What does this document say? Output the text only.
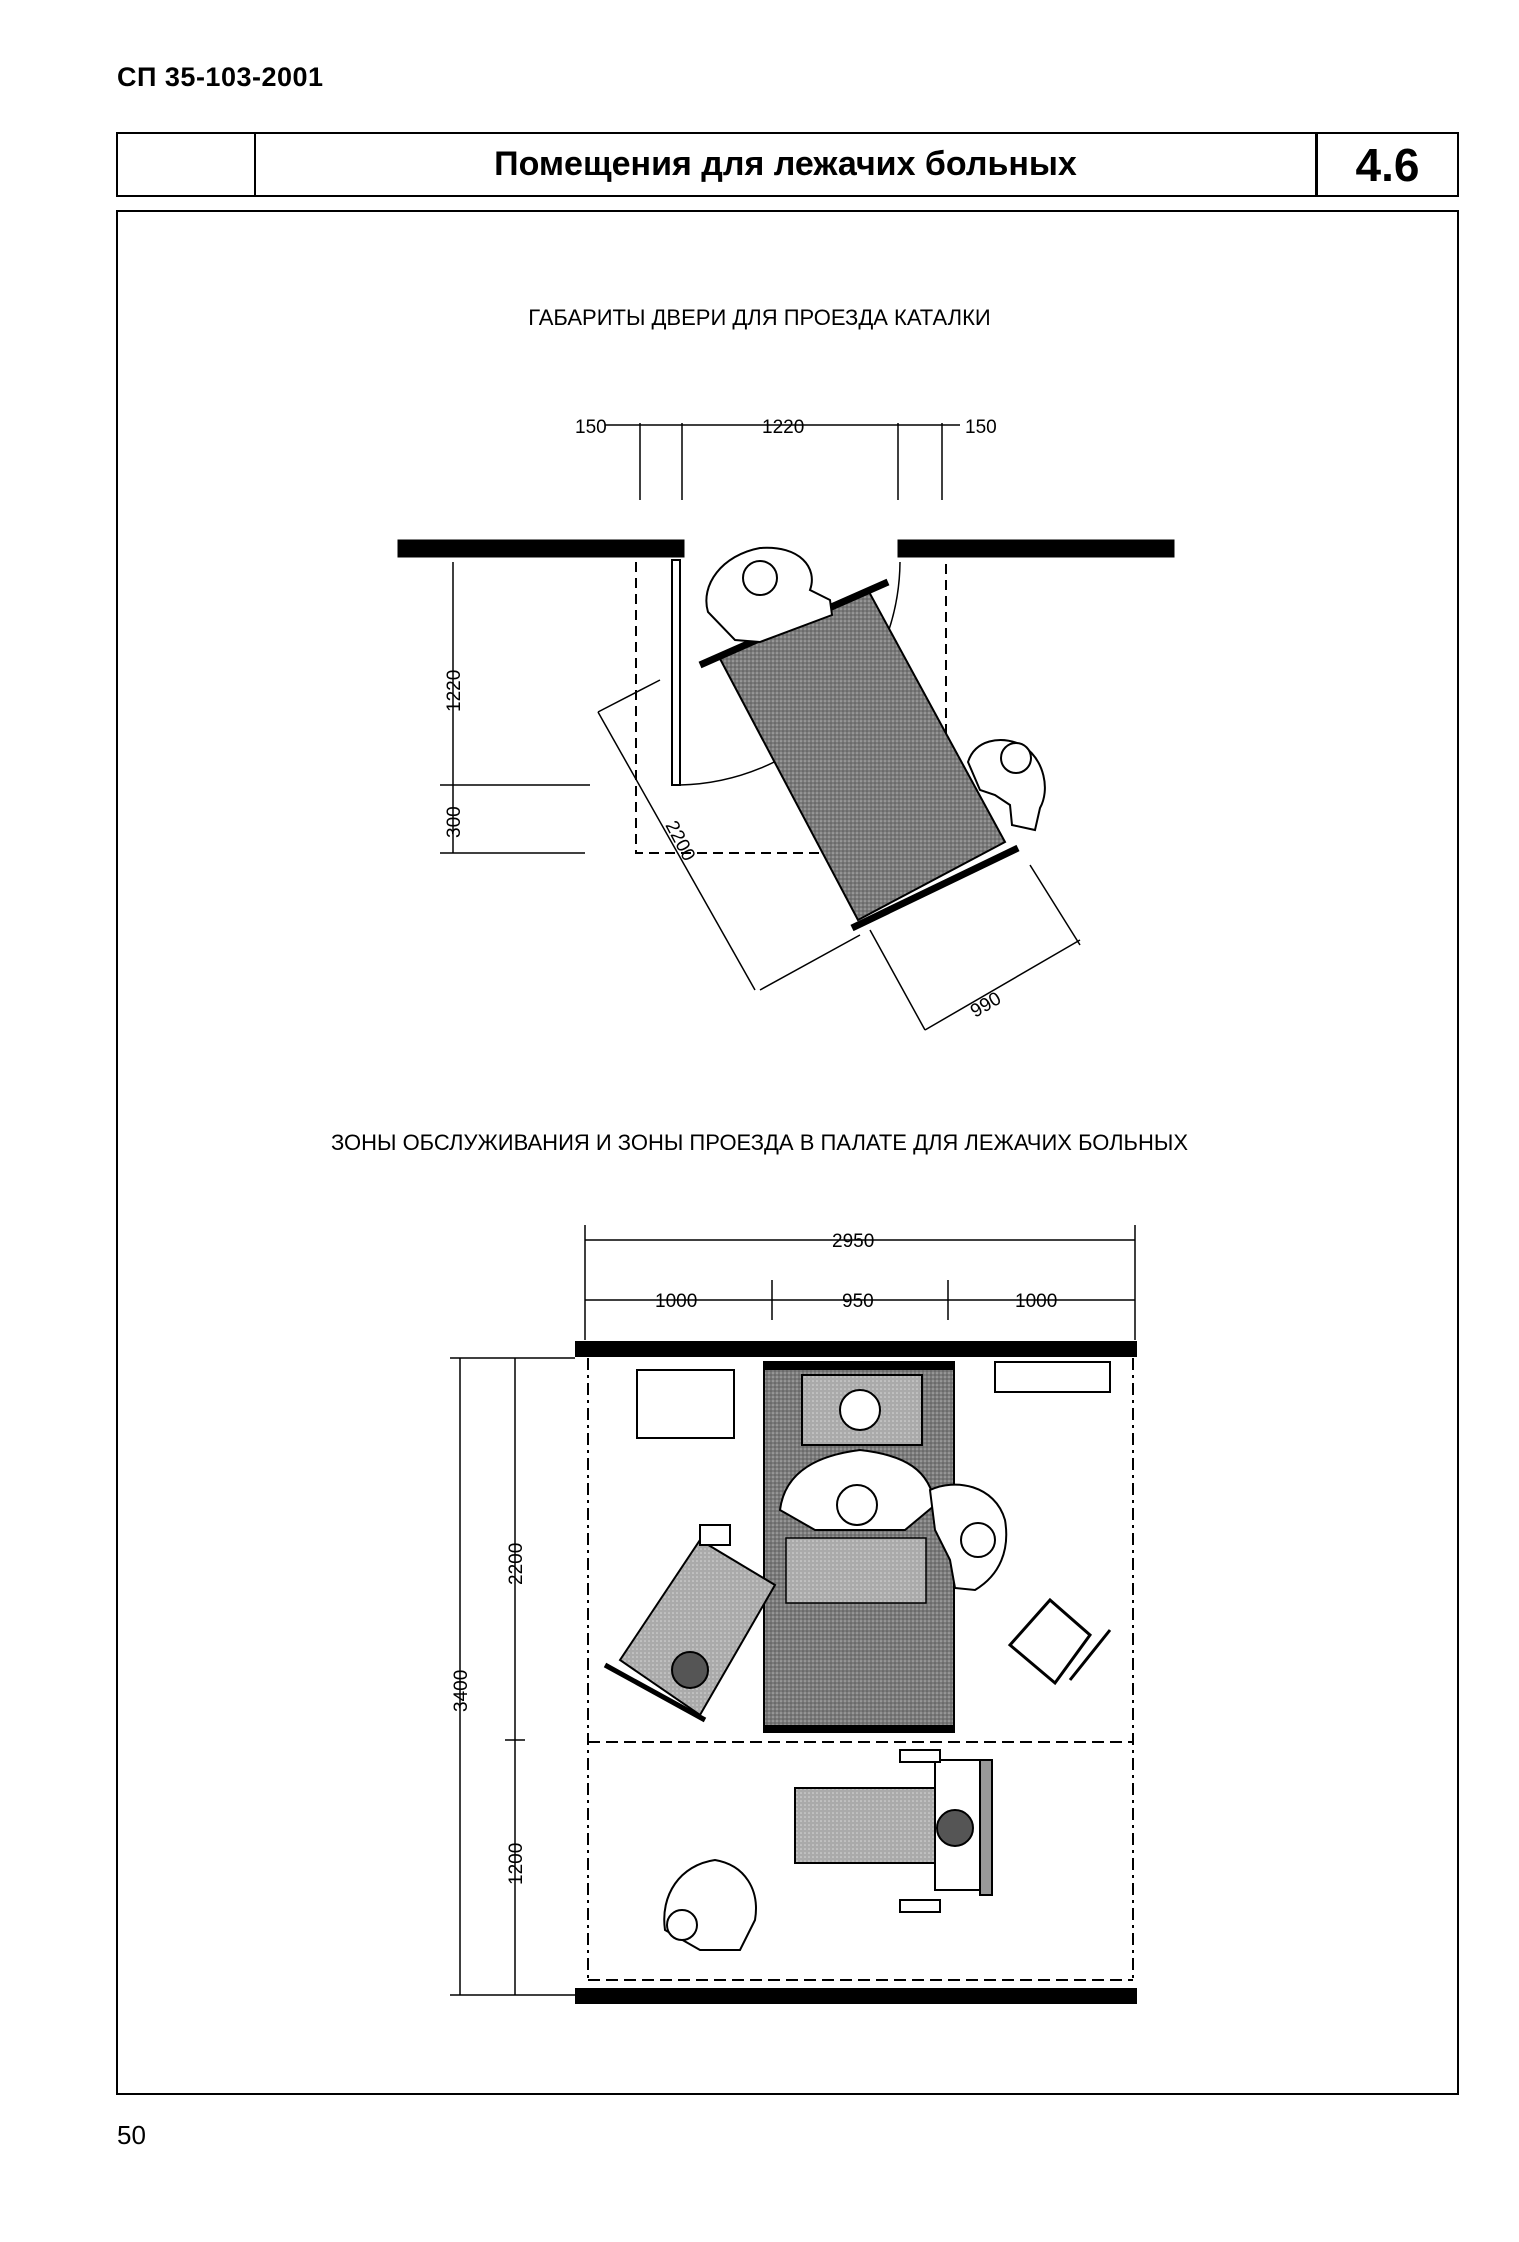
СП 35-103-2001
Помещения для лежачих больных	4.6
ГАБАРИТЫ ДВЕРИ ДЛЯ ПРОЕЗДА КАТАЛКИ
ЗОНЫ ОБСЛУЖИВАНИЯ И ЗОНЫ ПРОЕЗДА В ПАЛАТЕ ДЛЯ ЛЕЖАЧИХ БОЛЬНЫХ
150	1220	150
1220
300	2200
990
2950
1000	950	1000
3400
2200
1200
50
